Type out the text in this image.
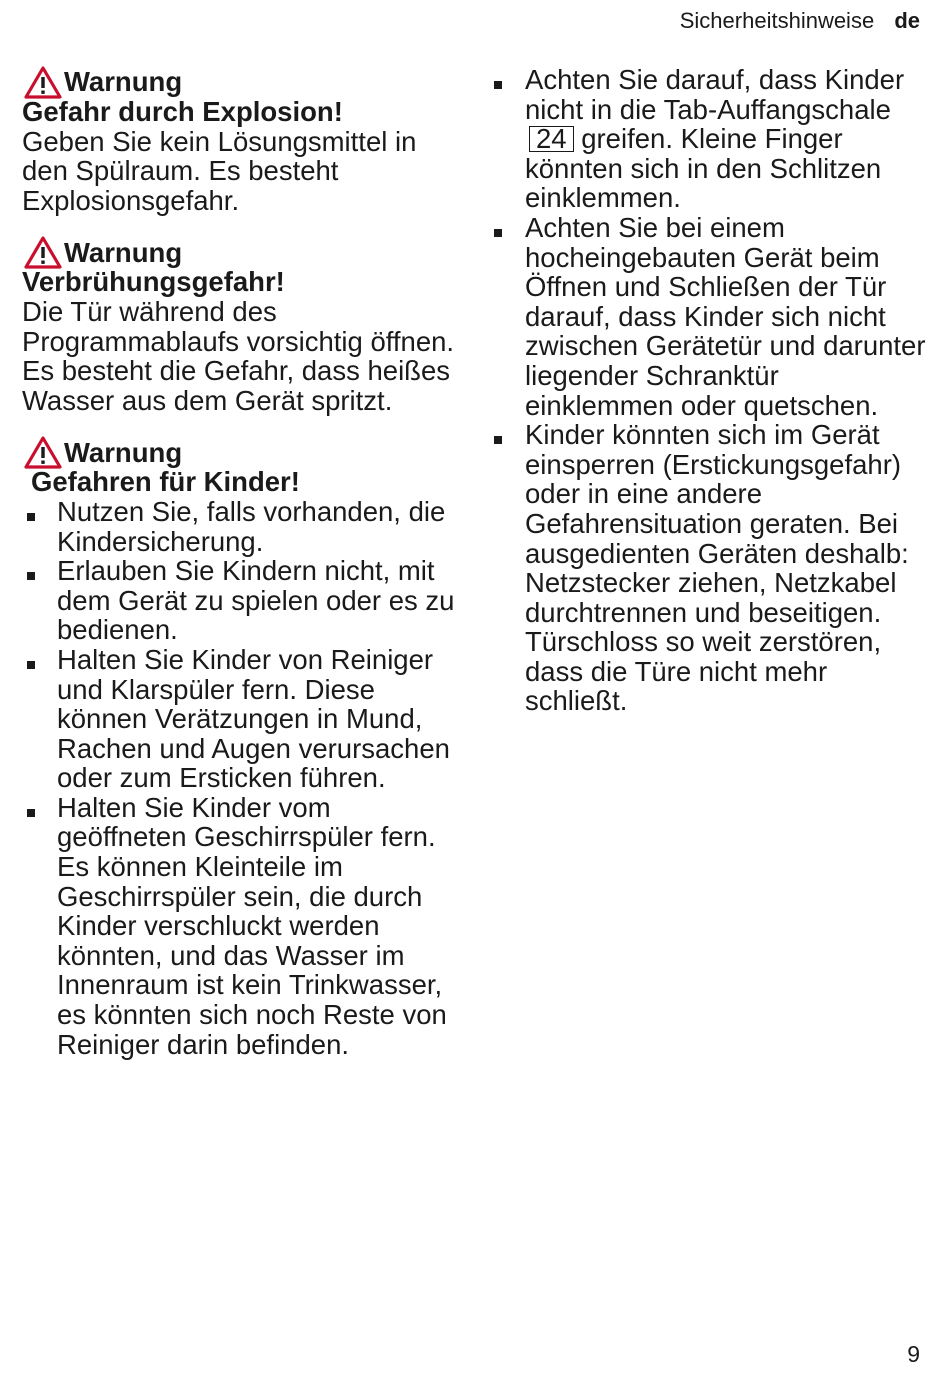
Sicherheitshinweise de
Warnung
Gefahr durch Explosion!
Geben Sie kein Lösungsmittel in den Spülraum. Es besteht Explosionsgefahr.
Warnung
Verbrühungsgefahr!
Die Tür während des Programmablaufs vorsichtig öffnen. Es besteht die Gefahr, dass heißes Wasser aus dem Gerät spritzt.
Warnung
Gefahren für Kinder!
Nutzen Sie, falls vorhanden, die Kindersicherung.
Erlauben Sie Kindern nicht, mit dem Gerät zu spielen oder es zu bedienen.
Halten Sie Kinder von Reiniger und Klarspüler fern. Diese können Verätzungen in Mund, Rachen und Augen verursachen oder zum Ersticken führen.
Halten Sie Kinder vom geöffneten Geschirrspüler fern. Es können Kleinteile im Geschirrspüler sein, die durch Kinder verschluckt werden könnten, und das Wasser im Innenraum ist kein Trinkwasser, es könnten sich noch Reste von Reiniger darin befinden.
Achten Sie darauf, dass Kinder nicht in die Tab-Auffangschale 24 greifen. Kleine Finger könnten sich in den Schlitzen einklemmen.
Achten Sie bei einem hocheingebauten Gerät beim Öffnen und Schließen der Tür darauf, dass Kinder sich nicht zwischen Gerätetür und darunter liegender Schranktür einklemmen oder quetschen.
Kinder könnten sich im Gerät einsperren (Erstickungsgefahr) oder in eine andere Gefahrensituation geraten. Bei ausgedienten Geräten deshalb: Netzstecker ziehen, Netzkabel durchtrennen und beseitigen. Türschloss so weit zerstören, dass die Türe nicht mehr schließt.
9
